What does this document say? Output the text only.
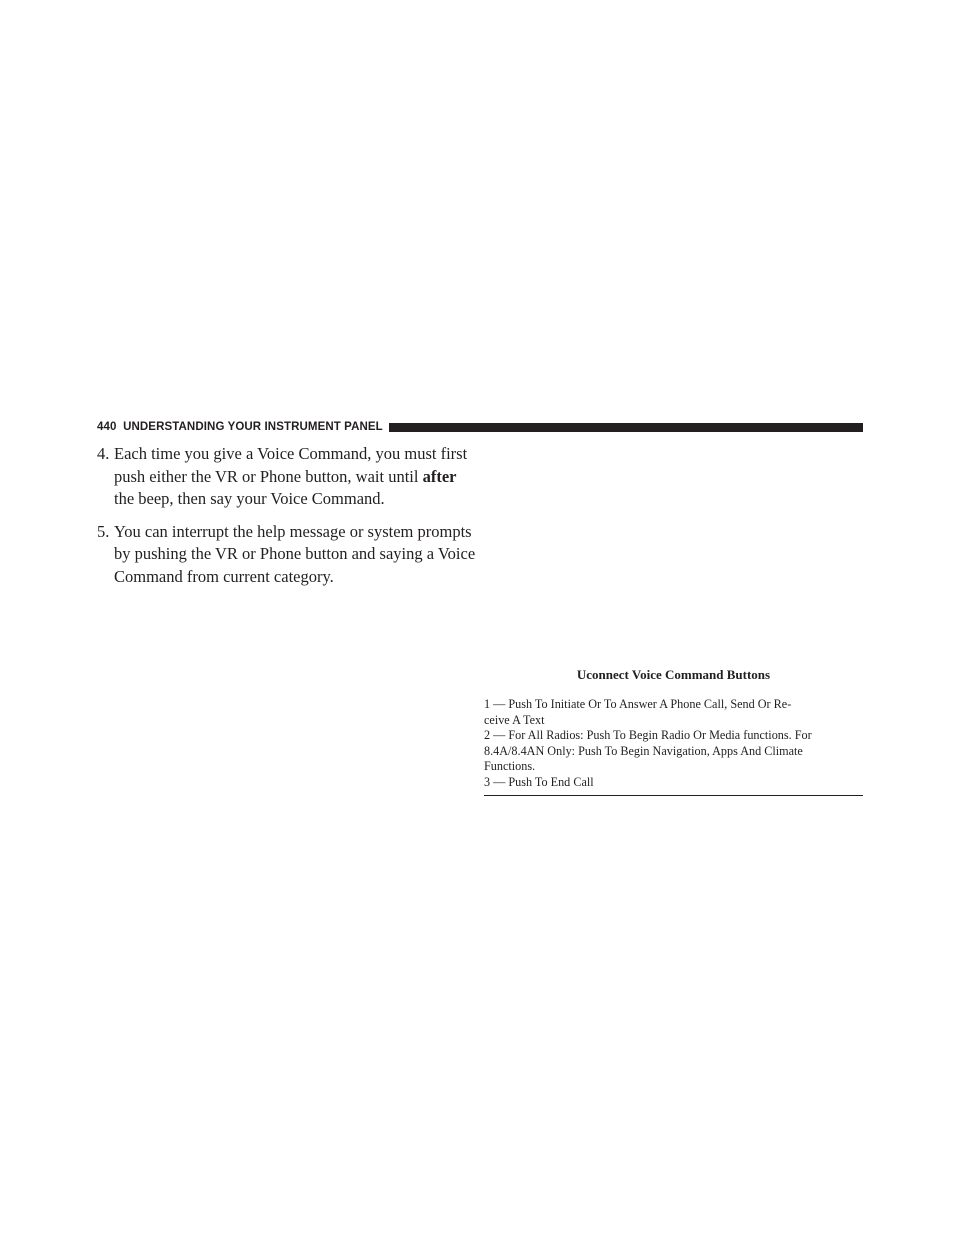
440 UNDERSTANDING YOUR INSTRUMENT PANEL
4. Each time you give a Voice Command, you must first
push either the VR or Phone button, wait until after
the beep, then say your Voice Command.
5. You can interrupt the help message or system prompts
by pushing the VR or Phone button and saying a Voice
Command from current category.
Uconnect Voice Command Buttons
1 — Push To Initiate Or To Answer A Phone Call, Send Or Re-
ceive A Text
2 — For All Radios: Push To Begin Radio Or Media functions. For
8.4A/8.4AN Only: Push To Begin Navigation, Apps And Climate
Functions.
3 — Push To End Call
